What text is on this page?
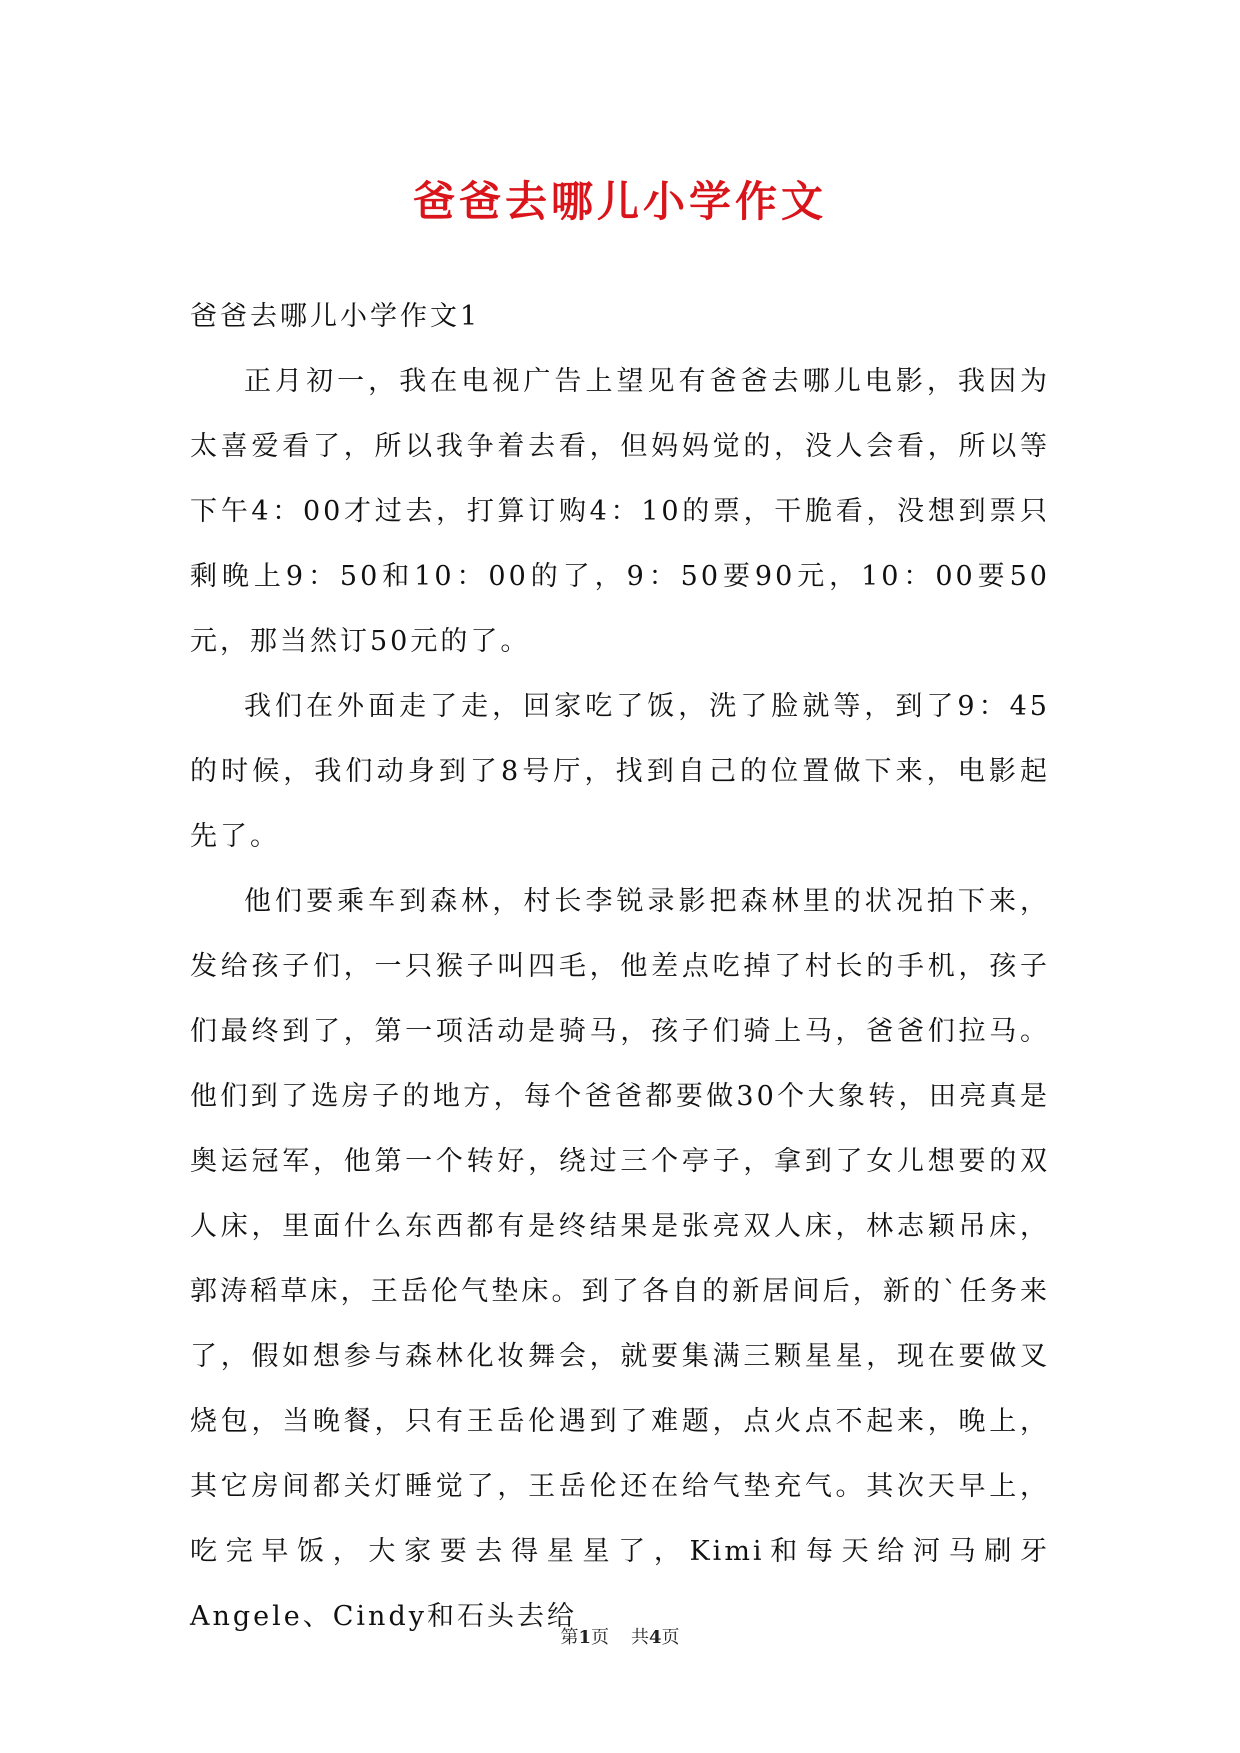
爸爸去哪儿小学作文

爸爸去哪儿小学作文1

正月初一，我在电视广告上望见有爸爸去哪儿电影，我因为太喜爱看了，所以我争着去看，但妈妈觉的，没人会看，所以等下午4：00才过去，打算订购4：10的票，干脆看，没想到票只剩晚上9：50和10：00的了，9：50要90元，10：00要50元，那当然订50元的了。

我们在外面走了走，回家吃了饭，洗了脸就等，到了9：45的时候，我们动身到了8号厅，找到自己的位置做下来，电影起先了。

他们要乘车到森林，村长李锐录影把森林里的状况拍下来，发给孩子们，一只猴子叫四毛，他差点吃掉了村长的手机，孩子们最终到了，第一项活动是骑马，孩子们骑上马，爸爸们拉马。他们到了选房子的地方，每个爸爸都要做30个大象转，田亮真是奥运冠军，他第一个转好，绕过三个亭子，拿到了女儿想要的双人床，里面什么东西都有是终结果是张亮双人床，林志颖吊床，郭涛稻草床，王岳伦气垫床。到了各自的新居间后，新的`任务来了，假如想参与森林化妆舞会，就要集满三颗星星，现在要做叉烧包，当晚餐，只有王岳伦遇到了难题，点火点不起来，晚上，其它房间都关灯睡觉了，王岳伦还在给气垫充气。其次天早上，吃完早饭，大家要去得星星了，Kimi和每天给河马刷牙Angele、Cindy和石头去给

第1页 共4页
